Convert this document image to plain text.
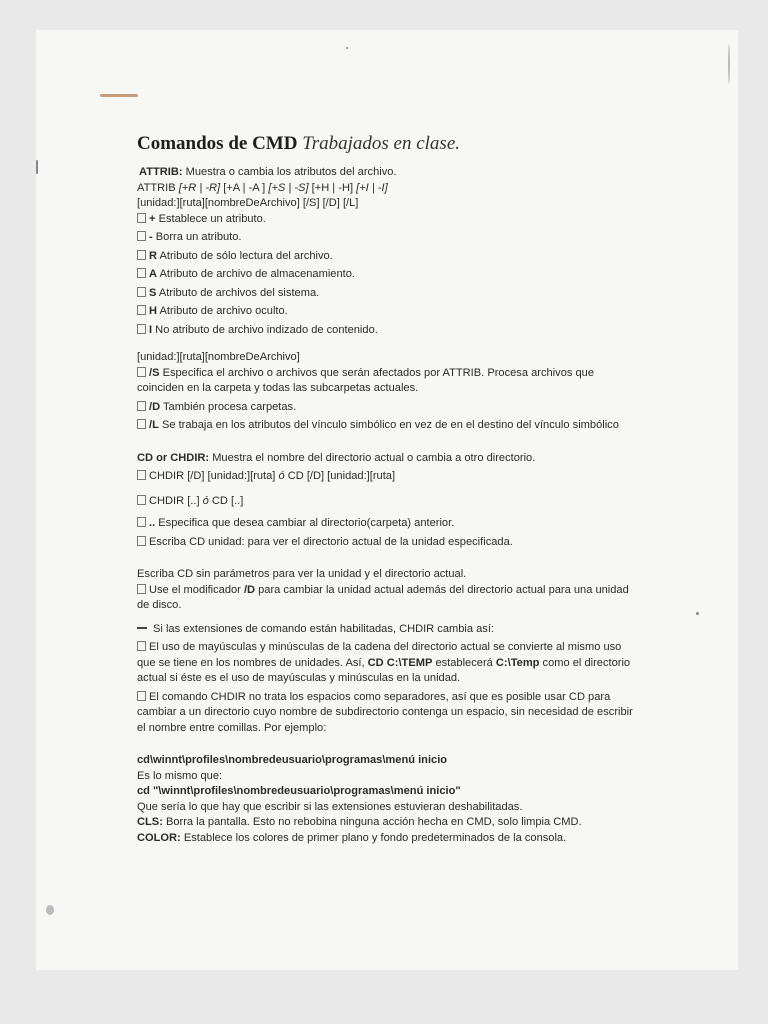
Comandos de CMD Trabajados en clase.

ATTRIB: Muestra o cambia los atributos del archivo.

ATTRIB [+R | -R] [+A | -A ] [+S | -S] [+H | -H] [+I | -I]

[unidad:][ruta][nombreDeArchivo] [/S] [/D] [/L]

+ Establece un atributo.

- Borra un atributo.

R Atributo de sólo lectura del archivo.

A Atributo de archivo de almacenamiento.

S Atributo de archivos del sistema.

H Atributo de archivo oculto.

I No atributo de archivo indizado de contenido.

[unidad:][ruta][nombreDeArchivo]

/S Especifica el archivo o archivos que serán afectados por ATTRIB. Procesa archivos que coinciden en la carpeta y todas las subcarpetas actuales.

/D También procesa carpetas.

/L Se trabaja en los atributos del vínculo simbólico en vez de en el destino del vínculo simbólico

CD or CHDIR: Muestra el nombre del directorio actual o cambia a otro directorio.

CHDIR [/D] [unidad:][ruta] ó CD [/D] [unidad:][ruta]

CHDIR [..] ó CD [..]

.. Especifica que desea cambiar al directorio(carpeta) anterior.

Escriba CD unidad: para ver el directorio actual de la unidad especificada.

Escriba CD sin parámetros para ver la unidad y el directorio actual.

Use el modificador /D para cambiar la unidad actual además del directorio actual para una unidad de disco.

Si las extensiones de comando están habilitadas, CHDIR cambia así:

El uso de mayúsculas y minúsculas de la cadena del directorio actual se convierte al mismo uso que se tiene en los nombres de unidades. Así, CD C:\TEMP establecerá C:\Temp como el directorio actual si éste es el uso de mayúsculas y minúsculas en la unidad.

El comando CHDIR no trata los espacios como separadores, así que es posible usar CD para cambiar a un directorio cuyo nombre de subdirectorio contenga un espacio, sin necesidad de escribir el nombre entre comillas. Por ejemplo:

cd\winnt\profiles\nombredeusuario\programas\menú inicio

Es lo mismo que:

cd "\winnt\profiles\nombredeusuario\programas\menú inicio"

Que sería lo que hay que escribir si las extensiones estuvieran deshabilitadas.

CLS: Borra la pantalla. Esto no rebobina ninguna acción hecha en CMD, solo limpia CMD.

COLOR: Establece los colores de primer plano y fondo predeterminados de la consola.
